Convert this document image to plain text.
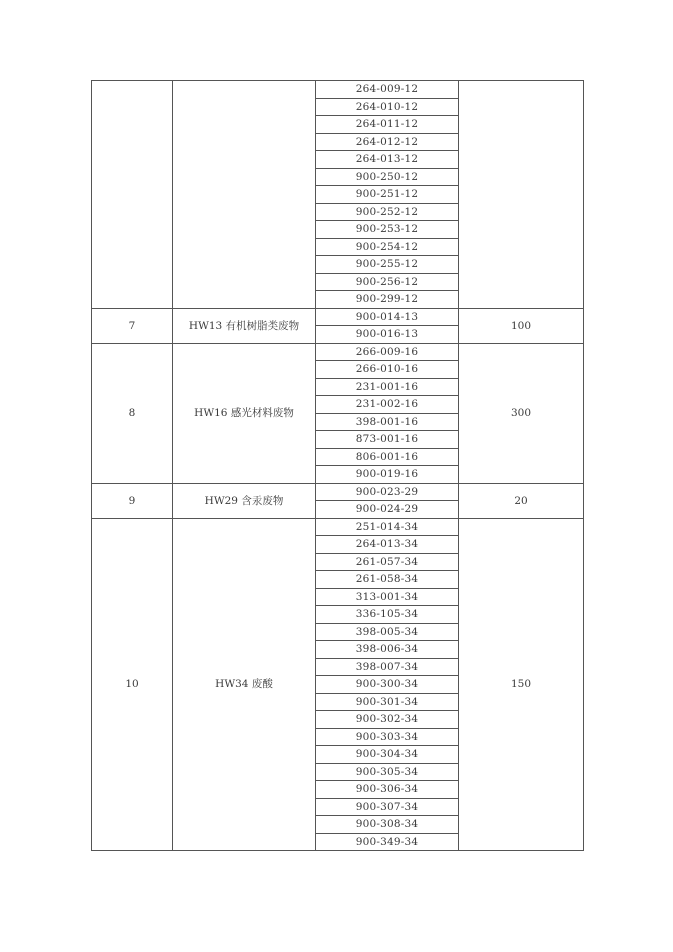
		264-009-12	
		264-010-12	
		264-011-12	
		264-012-12	
		264-013-12	
		900-250-12	
		900-251-12	
		900-252-12	
		900-253-12	
		900-254-12	
		900-255-12	
		900-256-12	
		900-299-12	
7	HW13 有机树脂类废物	900-014-13	100
		900-016-13	
8	HW16 感光材料废物	266-009-16	300
		266-010-16	
		231-001-16	
		231-002-16	
		398-001-16	
		873-001-16	
		806-001-16	
		900-019-16	
9	HW29 含汞废物	900-023-29	20
		900-024-29	
10	HW34 废酸	251-014-34	150
		264-013-34	
		261-057-34	
		261-058-34	
		313-001-34	
		336-105-34	
		398-005-34	
		398-006-34	
		398-007-34	
		900-300-34	
		900-301-34	
		900-302-34	
		900-303-34	
		900-304-34	
		900-305-34	
		900-306-34	
		900-307-34	
		900-308-34	
		900-349-34	
